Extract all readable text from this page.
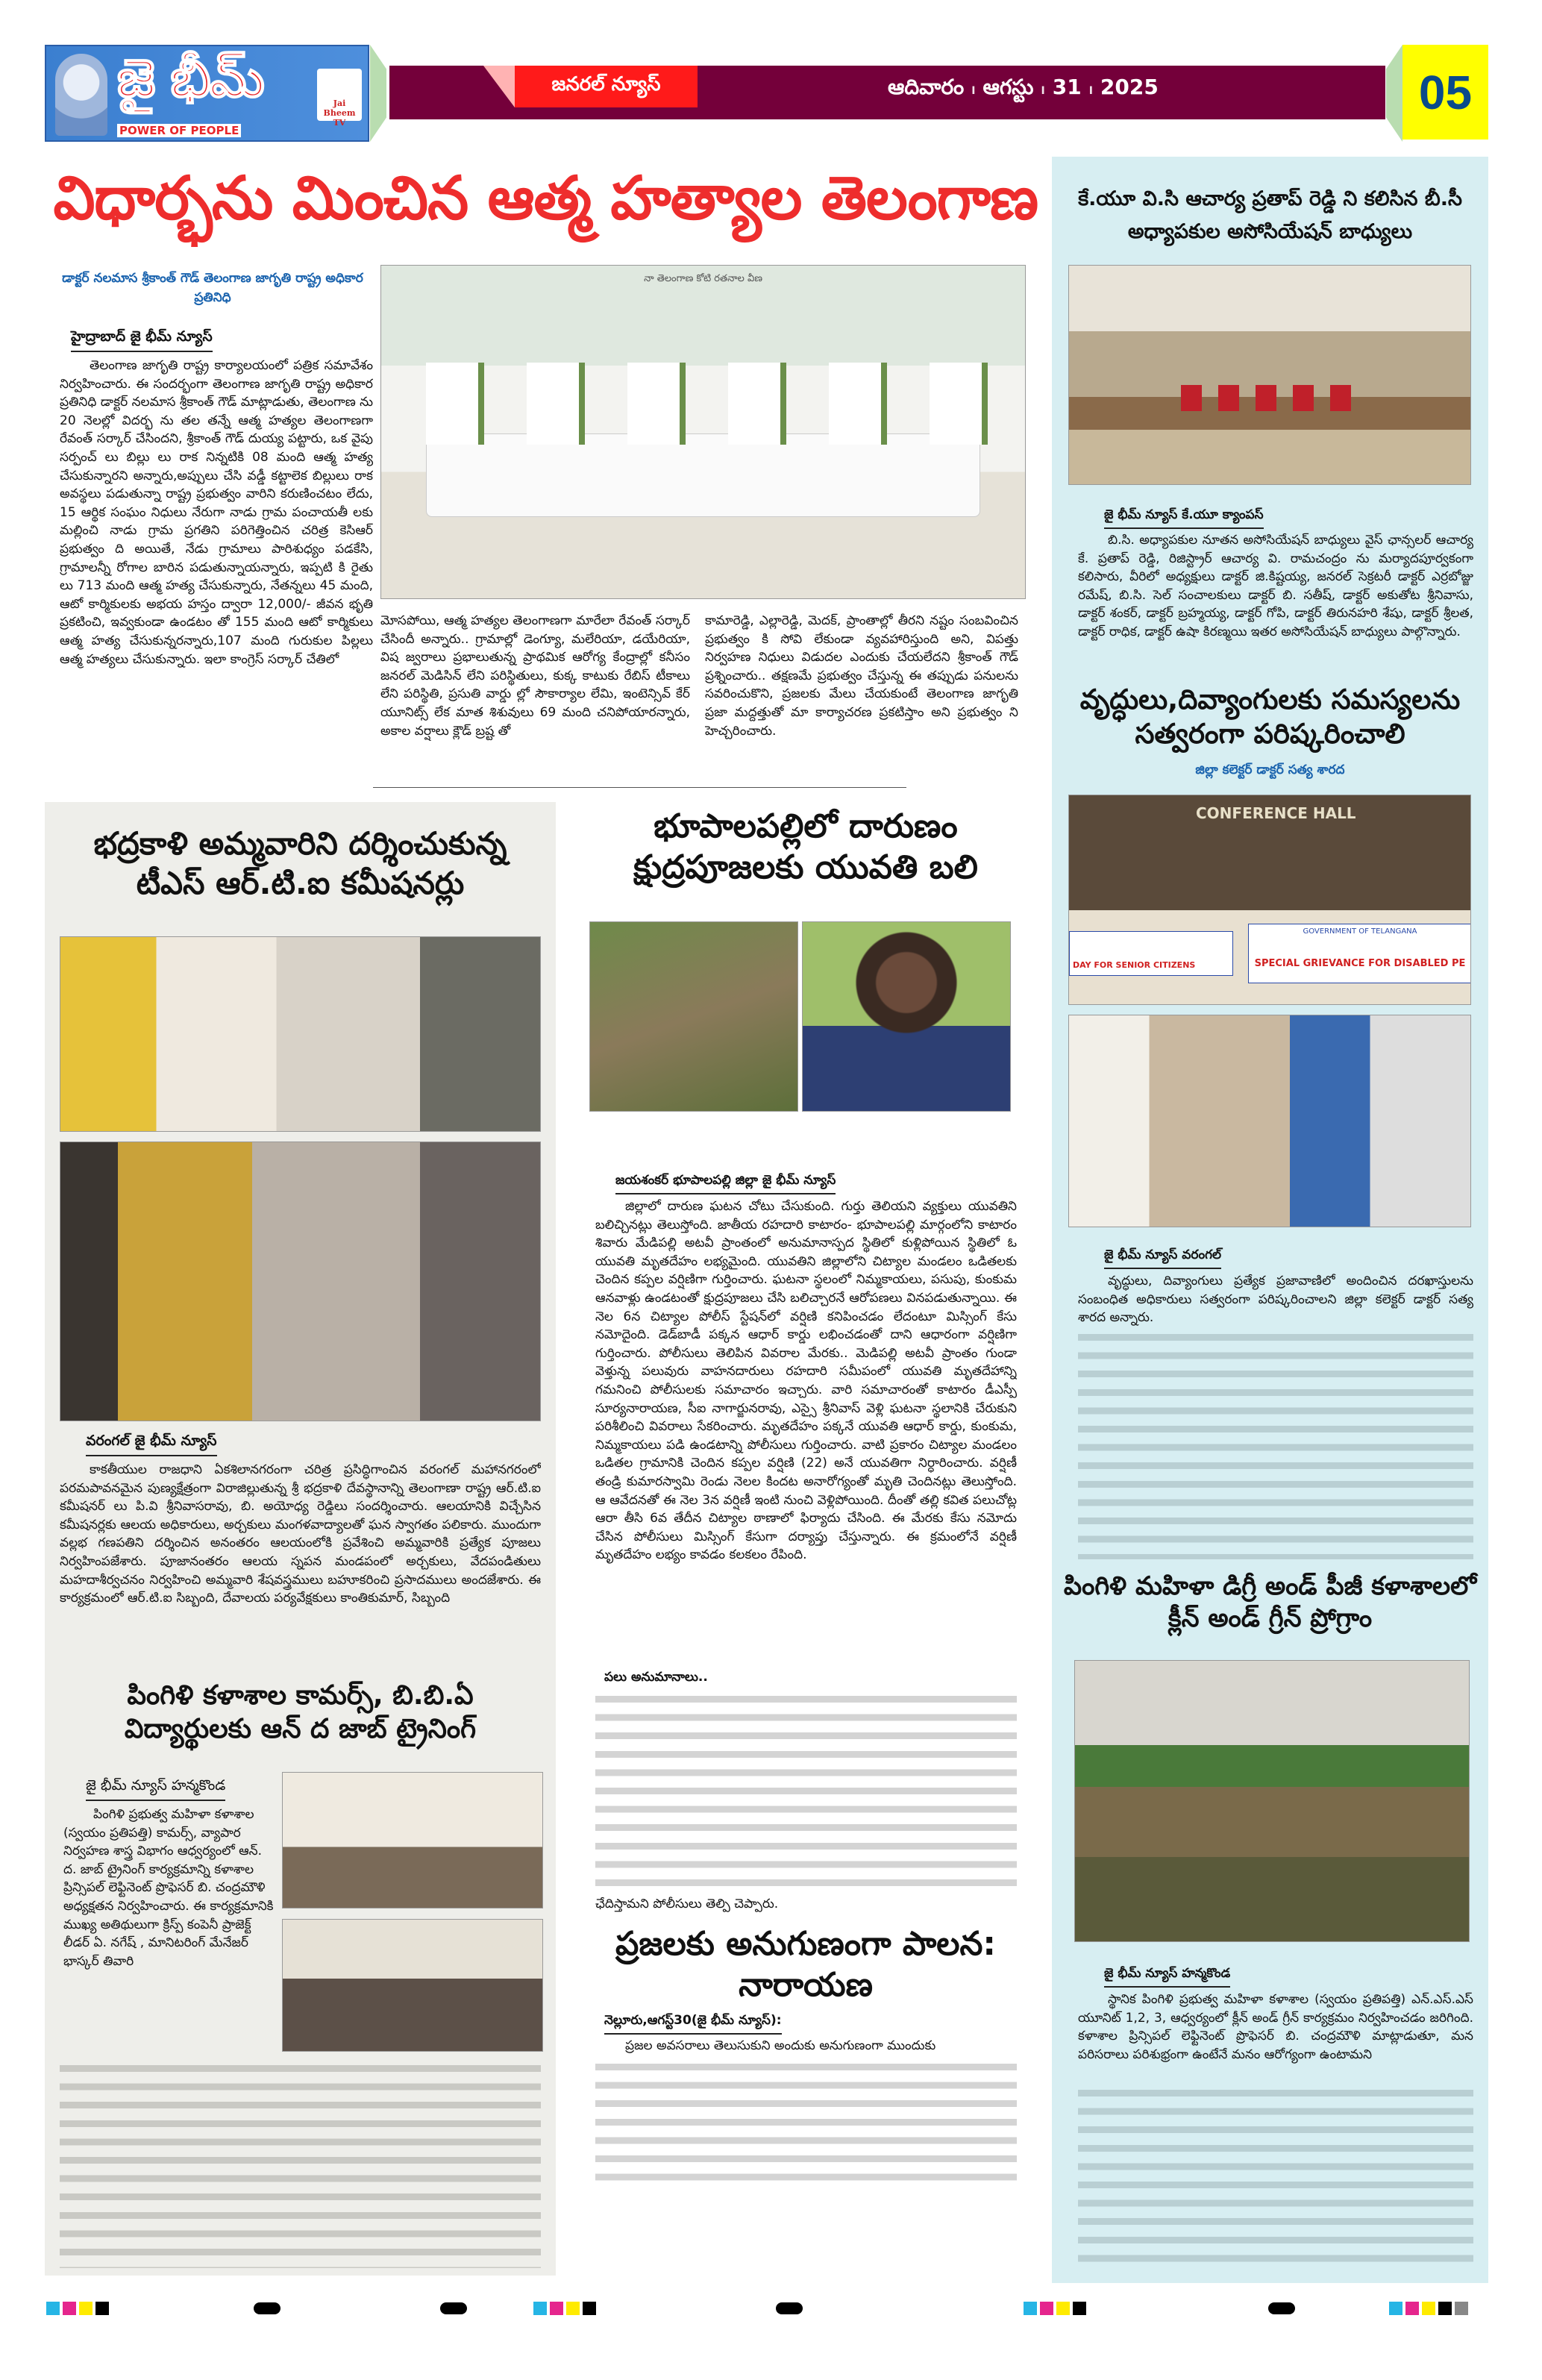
జై భీమ్
POWER OF PEOPLE
Jai Bheem TV
జనరల్ న్యూస్	ఆదివారం I ఆగస్టు I 31 I 2025	05
విధార్భను మించిన ఆత్మ హత్యాల తెలంగాణ
డాక్టర్ నలమాస శ్రీకాంత్ గౌడ్ తెలంగాణ జాగృతి రాష్ట్ర అధికార ప్రతినిధి
హైద్రాబాద్ జై భీమ్ న్యూస్
తెలంగాణ జాగృతి రాష్ట్ర కార్యాలయంలో పత్రిక సమావేశం నిర్వహించారు. ఈ సందర్భంగా తెలంగాణ జాగృతి రాష్ట్ర అధికార ప్రతినిధి డాక్టర్ నలమాస శ్రీకాంత్ గౌడ్ మాట్లాడుతు, తెలంగాణ ను 20 నెలల్లో విదర్భ ను తల తన్నే ఆత్మ హత్యల తెలంగాణగా రేవంత్ సర్కార్ చేసిందని, శ్రీకాంత్ గౌడ్ దుయ్య పట్టారు, ఒక వైపు సర్పంచ్ లు బిల్లు లు రాక నిన్నటికి 08 మంది ఆత్మ హత్య చేసుకున్నారని అన్నారు,అప్పులు చేసి వడ్డీ కట్టాలెక బిల్లులు రాక అవస్థలు పడుతున్నా రాష్ట్ర ప్రభుత్వం వారిని కరుణించటం లేదు, 15 ఆర్థిక సంఘం నిధులు నేరుగా నాడు గ్రామ పంచాయతీ లకు మల్లించి నాడు గ్రామ ప్రగతిని పరిగెత్తించిన చరిత్ర కెసిఆర్ ప్రభుత్వం ది అయితే, నేడు గ్రామాలు పారిశుధ్యం పడకేసి, గ్రామాలన్నీ రోగాల బారిన పడుతున్నాయన్నారు, ఇప్పటి కి రైతు లు 713 మంది ఆత్మ హత్య చేసుకున్నారు, నేతన్నలు 45 మంది, ఆటో కార్మికులకు అభయ హస్తం ద్వారా 12,000/- జీవన భృతి ప్రకటించి, ఇవ్వకుండా ఉండటం తో 155 మంది ఆటో కార్మికులు ఆత్మ హత్య చేసుకున్నరన్నారు,107 మంది గురుకుల పిల్లలు ఆత్మ హత్యలు చేసుకున్నారు. ఇలా కాంగ్రెస్ సర్కార్ చేతిలో
నా తెలంగాణ కోటి రతనాల వీణ
మోసపోయి, ఆత్మ హత్యల తెలంగాణగా మారేలా రేవంత్ సర్కార్ చేసిందీ అన్నారు.. గ్రామాల్లో డెంగ్యూ, మలేరియా, డయేరియా, విష జ్వరాలు ప్రభాలుతున్న ప్రాథమిక ఆరోగ్య కేంద్రాల్లో కనీసం జనరల్ మెడిసిన్ లేని పరిస్థితులు, కుక్క కాటుకు రేబిస్ టీకాలు లేని పరిస్థితి, ప్రసుతి వార్డు ల్లో సౌకార్యాల లేమి, ఇంటెన్సివ్ కేర్ యూనిట్స్ లేక మాత శిశువులు 69 మంది చనిపోయారన్నారు, అకాల వర్షాలు క్లౌడ్ బ్రష్ట తో
కామారెడ్డి, ఎల్లారెడ్డి, మెదక్, ప్రాంతాల్లో తీరని నష్టం సంబవించిన ప్రభుత్వం కి సోవి లేకుండా వ్యవహారిస్తుంది అని, విపత్తు నిర్వహణ నిధులు విడుదల ఎందుకు చేయలేదని శ్రీకాంత్ గౌడ్ ప్రశ్నించారు.. తక్షణమే ప్రభుత్వం చేస్తున్న ఈ తప్పుడు పనులను సవరించుకొని, ప్రజలకు మేలు చేయకుంటే తెలంగాణ జాగృతి ప్రజా మద్దత్తుతో మా కార్యాచరణ ప్రకటిస్తాం అని ప్రభుత్వం ని హెచ్చరించారు.
భద్రకాళి అమ్మవారిని దర్శించుకున్న టీఎస్ ఆర్.టి.ఐ కమీషనర్లు
వరంగల్ జై భీమ్ న్యూస్
కాకతీయుల రాజధాని ఏకశిలానగరంగా చరిత్ర ప్రసిద్ధిగాంచిన వరంగల్ మహానగరంలో పరమపావనమైన పుణ్యక్షేత్రంగా విరాజిల్లుతున్న శ్రీ భద్రకాళి దేవస్థానాన్ని తెలంగాణా రాష్ట్ర ఆర్.టి.ఐ కమీషనర్ లు పి.వి శ్రీనివాసరావు, బి. అయోధ్య రెడ్డిలు సందర్శించారు. ఆలయానికి విచ్చేసిన కమీషనర్లకు ఆలయ అధికారులు, అర్చకులు మంగళవాద్యాలతో ఘన స్వాగతం పలికారు. ముందుగా వల్లభ గణపతిని దర్శించిన అనంతరం ఆలయంలోకి ప్రవేశించి అమ్మవారికి ప్రత్యేక పూజలు నిర్వహింపజేశారు. పూజానంతరం ఆలయ స్నపన మండపంలో అర్చకులు, వేదపండితులు మహదాశీర్వచనం నిర్వహించి అమ్మవారి శేషవస్త్రములు బహూకరించి ప్రసాదములు అందజేశారు. ఈ కార్యక్రమంలో ఆర్.టి.ఐ సిబ్బంది, దేవాలయ పర్యవేక్షకులు కాంతికుమార్, సిబ్బంది
పింగిళి కళాశాల కామర్స్, బి.బి.ఏ విద్యార్థులకు ఆన్ ద జాబ్ ట్రైనింగ్
జై భీమ్ న్యూస్ హన్మకొండ
పింగిళి ప్రభుత్వ మహిళా కళాశాల (స్వయం ప్రతిపత్తి) కామర్స్, వ్యాపార నిర్వహణ శాస్త్ర విభాగం ఆధ్వర్యంలో ఆన్. ద. జాబ్ ట్రైనింగ్ కార్యక్రమాన్ని కళాశాల ప్రిన్సిపల్ లెఫ్టినెంట్ ప్రొఫెసర్ బి. చంద్రమౌళి అధ్యక్షతన నిర్వహించారు. ఈ కార్యక్రమానికి ముఖ్య అతిథులుగా క్రిస్ప్ కంపెనీ ప్రాజెక్ట్ లీడర్ ఏ. నగేష్ , మానిటరింగ్ మేనేజర్ భాస్కర్ తివారి
భూపాలపల్లిలో దారుణం క్షుద్రపూజలకు యువతి బలి
జయశంకర్ భూపాలపల్లి జిల్లా జై భీమ్ న్యూస్
జిల్లాలో దారుణ ఘటన చోటు చేసుకుంది. గుర్తు తెలియని వ్యక్తులు యువతిని బలిచ్చినట్లు తెలుస్తోంది. జాతీయ రహదారి కాటారం- భూపాలపల్లి మార్గంలోని కాటారం శివారు మేడిపల్లి అటవీ ప్రాంతంలో అనుమానాస్పద స్థితిలో కుళ్లిపోయిన స్థితిలో ఓ యువతి మృతదేహం లభ్యమైంది. యువతిని జిల్లాలోని చిట్యాల మండలం ఒడితలకు చెందిన కప్పల వర్షిణిగా గుర్తించారు. ఘటనా స్థలంలో నిమ్మకాయలు, పసుపు, కుంకుమ ఆనవాళ్లు ఉండటంతో క్షుద్రపూజలు చేసి బలిచ్చారనే ఆరోపణలు వినపడుతున్నాయి. ఈ నెల 6న చిట్యాల పోలీస్ స్టేషన్‌లో వర్షిణి కనిపించడం లేదంటూ మిస్సింగ్ కేసు నమోదైంది. డెడ్‌బాడీ పక్కన ఆధార్ కార్డు లభించడంతో దాని ఆధారంగా వర్షిణిగా గుర్తించారు. పోలీసులు తెలిపిన వివరాల మేరకు.. మెడిపల్లి అటవీ ప్రాంతం గుండా వెళ్తున్న పలువురు వాహనదారులు రహదారి సమీపంలో యువతి మృతదేహాన్ని గమనించి పోలీసులకు సమాచారం ఇచ్చారు. వారి సమాచారంతో కాటారం డీఎస్పీ సూర్యనారాయణ, సీఐ నాగార్జునరావు, ఎస్సై శ్రీనివాస్ వెళ్లి ఘటనా స్థలానికి చేరుకుని పరిశీలించి వివరాలు సేకరించారు. మృతదేహం పక్కనే యువతి ఆధార్ కార్డు, కుంకుమ, నిమ్మకాయలు పడి ఉండటాన్ని పోలీసులు గుర్తించారు. వాటి ప్రకారం చిట్యాల మండలం ఒడితల గ్రామానికి చెందిన కప్పల వర్షిణి (22) అనే యువతిగా నిర్ధారించారు. వర్షిణీ తండ్రి కుమారస్వామి రెండు నెలల కిందట అనారోగ్యంతో మృతి చెందినట్లు తెలుస్తోంది. ఆ ఆవేదనతో ఈ నెల 3న వర్షిణీ ఇంటి నుంచి వెళ్లిపోయింది. దీంతో తల్లి కవిత పలుచోట్ల ఆరా తీసి 6వ తేదీన చిట్యాల ఠాణాలో ఫిర్యాదు చేసింది. ఈ మేరకు కేసు నమోదు చేసిన పోలీసులు మిస్సింగ్ కేసుగా దర్యాప్తు చేస్తున్నారు. ఈ క్రమంలోనే వర్షిణీ మృతదేహం లభ్యం కావడం కలకలం రేపింది.
పలు అనుమానాలు..
ఛేదిస్తామని పోలీసులు తెల్పి చెప్పారు.
ప్రజలకు అనుగుణంగా పాలన: నారాయణ
నెల్లూరు,ఆగస్ట్30(జై భీమ్ న్యూస్):
ప్రజల అవసరాలు తెలుసుకుని అందుకు అనుగుణంగా ముందుకు
కే.యూ వి.సి ఆచార్య ప్రతాప్ రెడ్డి ని కలిసిన బీ.సీ అధ్యాపకుల అసోసియేషన్ బాధ్యులు
జై భీమ్ న్యూస్ కే.యూ క్యాంపస్
బి.సి. అధ్యాపకుల నూతన అసోసియేషన్ బాధ్యులు వైస్ ఛాన్సలర్ ఆచార్య కే. ప్రతాప్ రెడ్డి, రిజిస్ట్రార్ ఆచార్య వి. రామచంద్రం ను మర్యాదపూర్వకంగా కలిసారు, వీరిలో అధ్యక్షులు డాక్టర్ జి.కిష్టయ్య, జనరల్ సెక్రటరీ డాక్టర్ ఎర్రబోజ్జు రమేష్, బి.సి. సెల్ సంచాలకులు డాక్టర్ బి. సతీష్, డాక్టర్ అకుతోట శ్రీనివాసు, డాక్టర్ శంకర్, డాక్టర్ బ్రహ్మయ్య, డాక్టర్ గోపి, డాక్టర్ తిరునహరి శేషు, డాక్టర్ శ్రీలత, డాక్టర్ రాధిక, డాక్టర్ ఉషా కిరణ్మయి ఇతర అసోసియేషన్ బాధ్యులు పాల్గొన్నారు.
వృద్ధులు,దివ్యాంగులకు సమస్యలను సత్వరంగా పరిష్కరించాలి
జిల్లా కలెక్టర్ డాక్టర్ సత్య శారద
CONFERENCE HALL
DAY FOR SENIOR CITIZENS
GOVERNMENT OF TELANGANA
SPECIAL GRIEVANCE FOR DISABLED PE
జై భీమ్ న్యూస్ వరంగల్
వృద్ధులు, దివ్యాంగులు ప్రత్యేక ప్రజావాణిలో అందించిన దరఖాస్తులను సంబంధిత అధికారులు సత్వరంగా పరిష్కరించాలని జిల్లా కలెక్టర్ డాక్టర్ సత్య శారద అన్నారు.
పింగిళి మహిళా డిగ్రీ అండ్ పీజీ కళాశాలలో క్లీన్ అండ్ గ్రీన్ ప్రోగ్రాం
జై భీమ్ న్యూస్ హన్మకొండ
స్థానిక పింగిళి ప్రభుత్వ మహిళా కళాశాల (స్వయం ప్రతిపత్తి) ఎన్.ఎస్.ఎస్ యూనిట్ 1,2, 3, ఆధ్వర్యంలో క్లీన్ అండ్ గ్రీన్ కార్యక్రమం నిర్వహించడం జరిగింది. కళాశాల ప్రిన్సిపల్ లెఫ్టినెంట్ ప్రొఫెసర్ బి. చంద్రమౌళి మాట్లాడుతూ, మన పరిసరాలు పరిశుభ్రంగా ఉంటేనే మనం ఆరోగ్యంగా ఉంటామని
